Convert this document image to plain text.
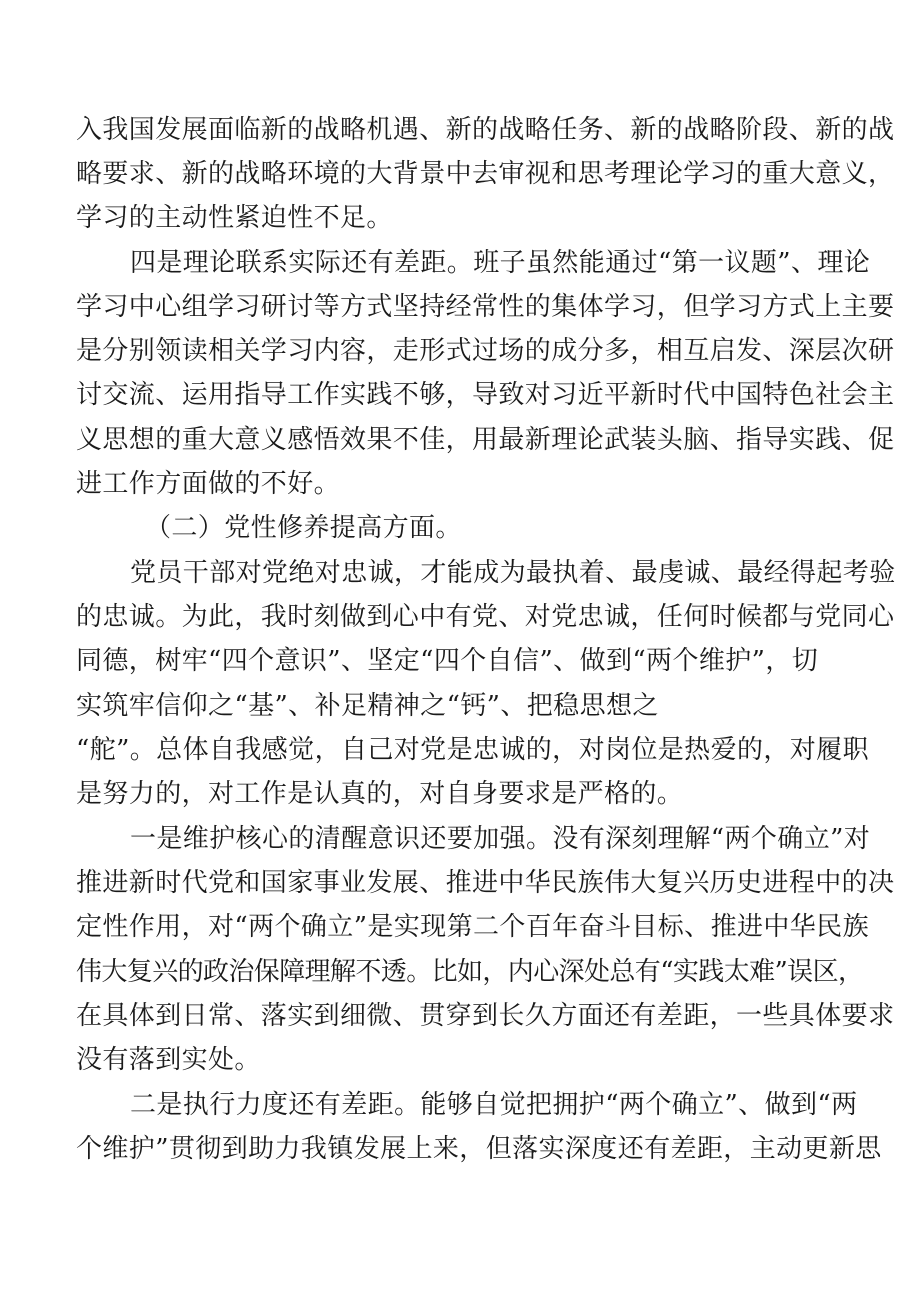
入我国发展面临新的战略机遇、新的战略任务、新的战略阶段、新的战
略要求、新的战略环境的大背景中去审视和思考理论学习的重大意义，
学习的主动性紧迫性不足。
四是理论联系实际还有差距。班子虽然能通过“第一议题”、理论
学习中心组学习研讨等方式坚持经常性的集体学习，但学习方式上主要
是分别领读相关学习内容，走形式过场的成分多，相互启发、深层次研
讨交流、运用指导工作实践不够，导致对习近平新时代中国特色社会主
义思想的重大意义感悟效果不佳，用最新理论武装头脑、指导实践、促
进工作方面做的不好。
（二）党性修养提高方面。
党员干部对党绝对忠诚，才能成为最执着、最虔诚、最经得起考验
的忠诚。为此，我时刻做到心中有党、对党忠诚，任何时候都与党同心
同德，树牢“四个意识”、坚定“四个自信”、做到“两个维护”，切
实筑牢信仰之“基”、补足精神之“钙”、把稳思想之
“舵”。总体自我感觉，自己对党是忠诚的，对岗位是热爱的，对履职
是努力的，对工作是认真的，对自身要求是严格的。
一是维护核心的清醒意识还要加强。没有深刻理解“两个确立”对
推进新时代党和国家事业发展、推进中华民族伟大复兴历史进程中的决
定性作用，对“两个确立”是实现第二个百年奋斗目标、推进中华民族
伟大复兴的政治保障理解不透。比如，内心深处总有“实践太难”误区，
在具体到日常、落实到细微、贯穿到长久方面还有差距，一些具体要求
没有落到实处。
二是执行力度还有差距。能够自觉把拥护“两个确立”、做到“两
个维护”贯彻到助力我镇发展上来，但落实深度还有差距，主动更新思
